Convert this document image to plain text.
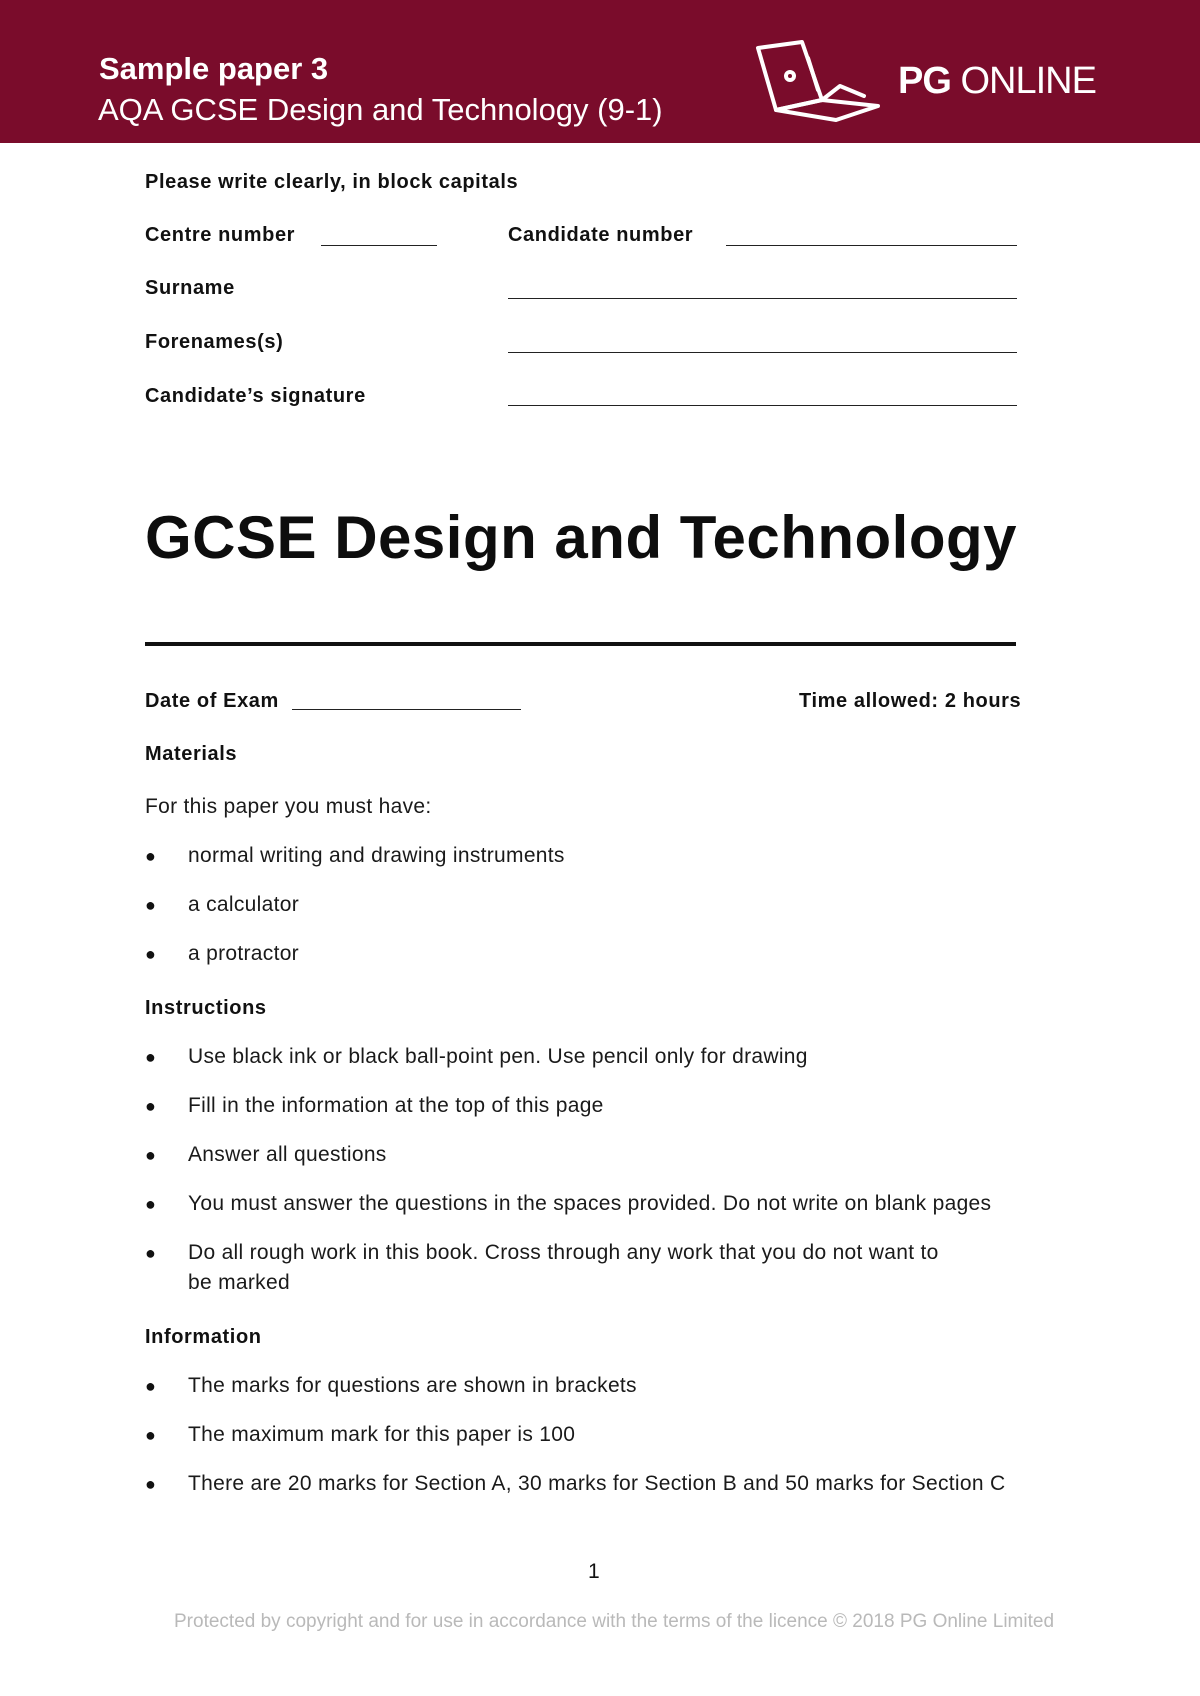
Sample paper 3
AQA GCSE Design and Technology (9-1)
PG ONLINE
Please write clearly, in block capitals
Centre number	Candidate number
Surname
Forenames(s)
Candidate’s signature
GCSE Design and Technology
Date of Exam	Time allowed: 2 hours
Materials
For this paper you must have:
● normal writing and drawing instruments
● a calculator
● a protractor
Instructions
● Use black ink or black ball-point pen. Use pencil only for drawing
● Fill in the information at the top of this page
● Answer all questions
● You must answer the questions in the spaces provided. Do not write on blank pages
● Do all rough work in this book. Cross through any work that you do not want to
be marked
Information
● The marks for questions are shown in brackets
● The maximum mark for this paper is 100
● There are 20 marks for Section A, 30 marks for Section B and 50 marks for Section C
1
Protected by copyright and for use in accordance with the terms of the licence © 2018 PG Online Limited
